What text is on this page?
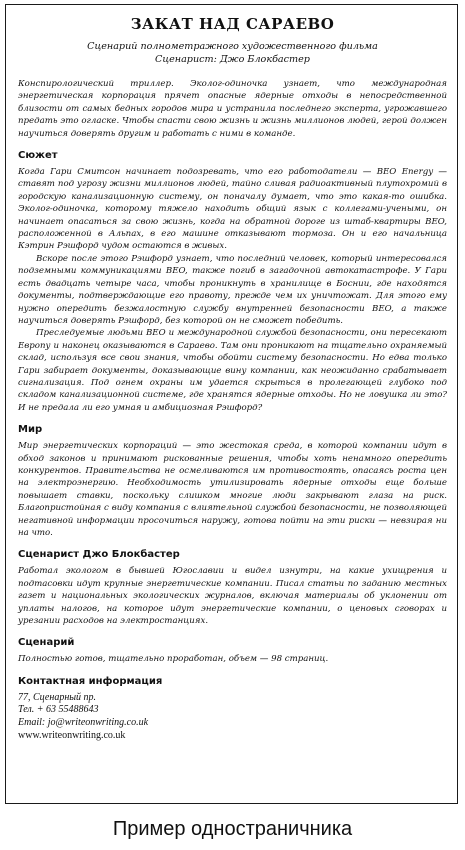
ЗАКАТ НАД САРАЕВО
Сценарий полнометражного художественного фильма
Сценарист: Джо Блокбастер

Конспирологический триллер. Эколог-одиночка узнает, что международная энергетическая корпорация прячет опасные ядерные отходы в непосредственной близости от самых бедных городов мира и устранила последнего эксперта, угрожавшего предать это огласке. Чтобы спасти свою жизнь и жизнь миллионов людей, герой должен научиться доверять другим и работать с ними в команде.

Сюжет

Когда Гари Смитсон начинает подозревать, что его работодатели — BEO Energy — ставят под угрозу жизни миллионов людей, тайно сливая радиоактивный плутохромий в городскую канализационную систему, он поначалу думает, что это какая-то ошибка. Эколог-одиночка, которому тяжело находить общий язык с коллегами-учеными, он начинает опасаться за свою жизнь, когда на обратной дороге из штаб-квартиры BEO, расположенной в Альпах, в его машине отказывают тормоза. Он и его начальница Кэтрин Рэшфорд чудом остаются в живых.

Вскоре после этого Рэшфорд узнает, что последний человек, который интересовался подземными коммуникациями BEO, также погиб в загадочной автокатастрофе. У Гари есть двадцать четыре часа, чтобы проникнуть в хранилище в Боснии, где находятся документы, подтверждающие его правоту, прежде чем их уничтожат. Для этого ему нужно опередить безжалостную службу внутренней безопасности BEO, а также научиться доверять Рэшфорд, без которой он не сможет победить.

Преследуемые людьми BEO и международной службой безопасности, они пересекают Европу и наконец оказываются в Сараево. Там они проникают на тщательно охраняемый склад, используя все свои знания, чтобы обойти систему безопасности. Но едва только Гари забирает документы, доказывающие вину компании, как неожиданно срабатывает сигнализация. Под огнем охраны им удается скрыться в пролегающей глубоко под складом канализационной системе, где хранятся ядерные отходы. Но не ловушка ли это? И не предала ли его умная и амбициозная Рэшфорд?

Мир

Мир энергетических корпораций — это жестокая среда, в которой компании идут в обход законов и принимают рискованные решения, чтобы хоть ненамного опередить конкурентов. Правительства не осмеливаются им противостоять, опасаясь роста цен на электроэнергию. Необходимость утилизировать ядерные отходы еще больше повышает ставки, поскольку слишком многие люди закрывают глаза на риск. Благопристойная с виду компания с влиятельной службой безопасности, не позволяющей негативной информации просочиться наружу, готова пойти на эти риски — невзирая ни на что.

Сценарист Джо Блокбастер

Работал экологом в бывшей Югославии и видел изнутри, на какие ухищрения и подтасовки идут крупные энергетические компании. Писал статьи по заданию местных газет и национальных экологических журналов, включая материалы об уклонении от уплаты налогов, на которое идут энергетические компании, о ценовых сговорах и урезании расходов на электростанциях.

Сценарий

Полностью готов, тщательно проработан, объем — 98 страниц.

Контактная информация
77, Сценарный пр.
Тел. + 63 55488643
Email: jo@writeonwriting.co.uk
www.writeonwriting.co.uk
Пример одностраничника
